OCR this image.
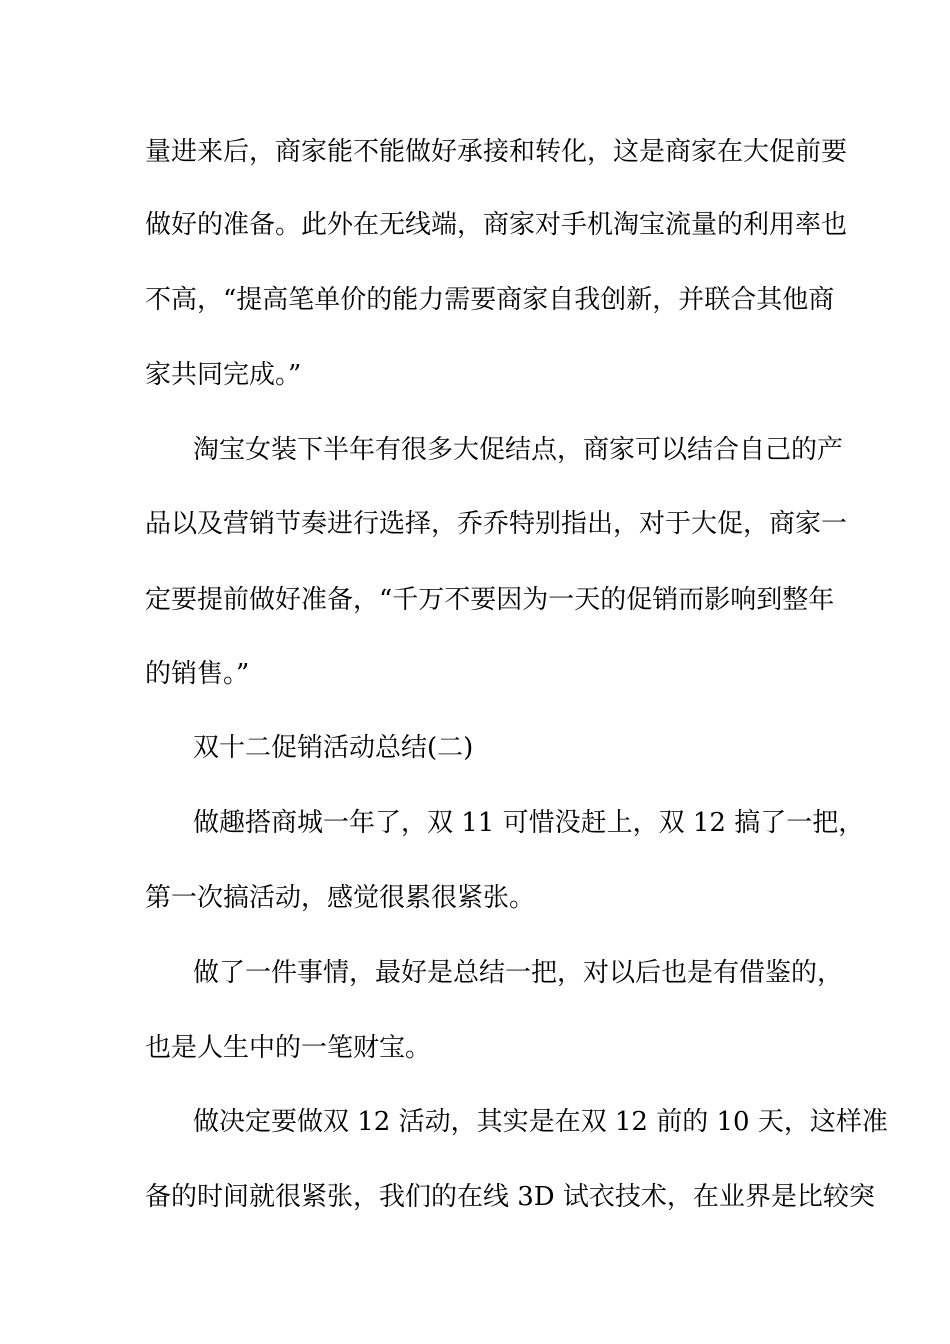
量进来后，商家能不能做好承接和转化，这是商家在大促前要
做好的准备。此外在无线端，商家对手机淘宝流量的利用率也
不高，“提高笔单价的能力需要商家自我创新，并联合其他商
家共同完成。”
淘宝女装下半年有很多大促结点，商家可以结合自己的产
品以及营销节奏进行选择，乔乔特别指出，对于大促，商家一
定要提前做好准备，“千万不要因为一天的促销而影响到整年
的销售。”
双十二促销活动总结(二)
做趣搭商城一年了，双 11 可惜没赶上，双 12 搞了一把，
第一次搞活动，感觉很累很紧张。
做了一件事情，最好是总结一把，对以后也是有借鉴的，
也是人生中的一笔财宝。
做决定要做双 12 活动，其实是在双 12 前的 10 天，这样准
备的时间就很紧张，我们的在线 3D 试衣技术，在业界是比较突
